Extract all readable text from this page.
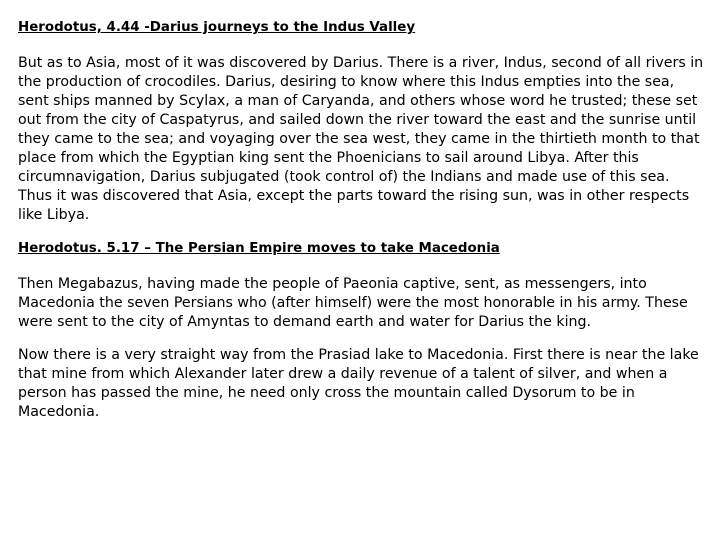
Herodotus, 4.44 -Darius journeys to the Indus Valley

But as to Asia, most of it was discovered by Darius. There is a river, Indus, second of all rivers in the production of crocodiles. Darius, desiring to know where this Indus empties into the sea, sent ships manned by Scylax, a man of Caryanda, and others whose word he trusted; these set out from the city of Caspatyrus, and sailed down the river toward the east and the sunrise until they came to the sea; and voyaging over the sea west, they came in the thirtieth month to that place from which the Egyptian king sent the Phoenicians to sail around Libya. After this circumnavigation, Darius subjugated (took control of) the Indians and made use of this sea. Thus it was discovered that Asia, except the parts toward the rising sun, was in other respects like Libya.

Herodotus. 5.17 – The Persian Empire moves to take Macedonia

Then Megabazus, having made the people of Paeonia captive, sent, as messengers, into Macedonia the seven Persians who (after himself) were the most honorable in his army. These were sent to the city of Amyntas to demand earth and water for Darius the king.

Now there is a very straight way from the Prasiad lake to Macedonia. First there is near the lake that mine from which Alexander later drew a daily revenue of a talent of silver, and when a person has passed the mine, he need only cross the mountain called Dysorum to be in Macedonia.
